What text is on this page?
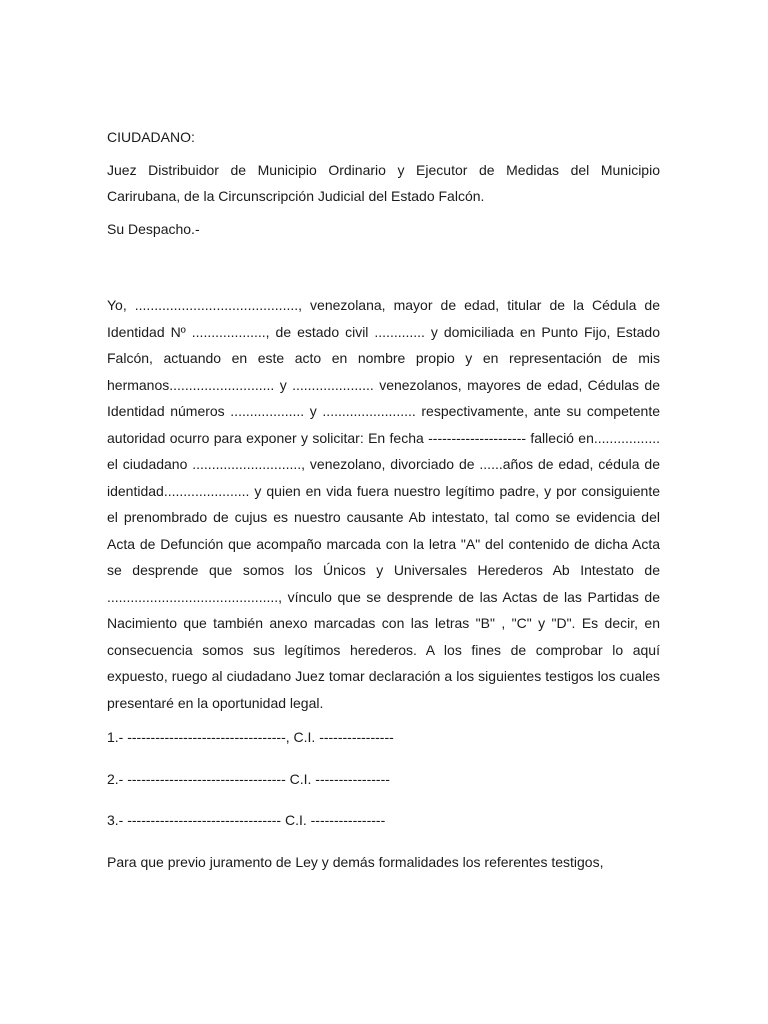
CIUDADANO:

Juez Distribuidor de Municipio Ordinario y Ejecutor de Medidas del Municipio Carirubana, de la Circunscripción Judicial del Estado Falcón.

Su Despacho.-

Yo, .........................................., venezolana, mayor de edad, titular de la Cédula de Identidad Nº ..................., de estado civil ............. y domiciliada en Punto Fijo, Estado Falcón, actuando en este acto en nombre propio y en representación de mis hermanos........................... y ..................... venezolanos, mayores de edad, Cédulas de Identidad números ................... y ........................ respectivamente, ante su competente autoridad ocurro para exponer y solicitar: En fecha --------------------- falleció en................. el ciudadano ............................, venezolano, divorciado de ......años de edad, cédula de identidad...................... y quien en vida fuera nuestro legítimo padre, y por consiguiente el prenombrado de cujus es nuestro causante Ab intestato, tal como se evidencia del Acta de Defunción que acompaño marcada con la letra "A" del contenido de dicha Acta se desprende que somos los Únicos y Universales Herederos Ab Intestato de ............................................, vínculo que se desprende de las Actas de las Partidas de Nacimiento que también anexo marcadas con las letras "B" , "C" y "D". Es decir, en consecuencia somos sus legítimos herederos. A los fines de comprobar lo aquí expuesto, ruego al ciudadano Juez tomar declaración a los siguientes testigos los cuales presentaré en la oportunidad legal.

1.- ----------------------------------, C.I. ----------------

2.- ---------------------------------- C.I. ----------------

3.- --------------------------------- C.I. ----------------

Para que previo juramento de Ley y demás formalidades los referentes testigos,
